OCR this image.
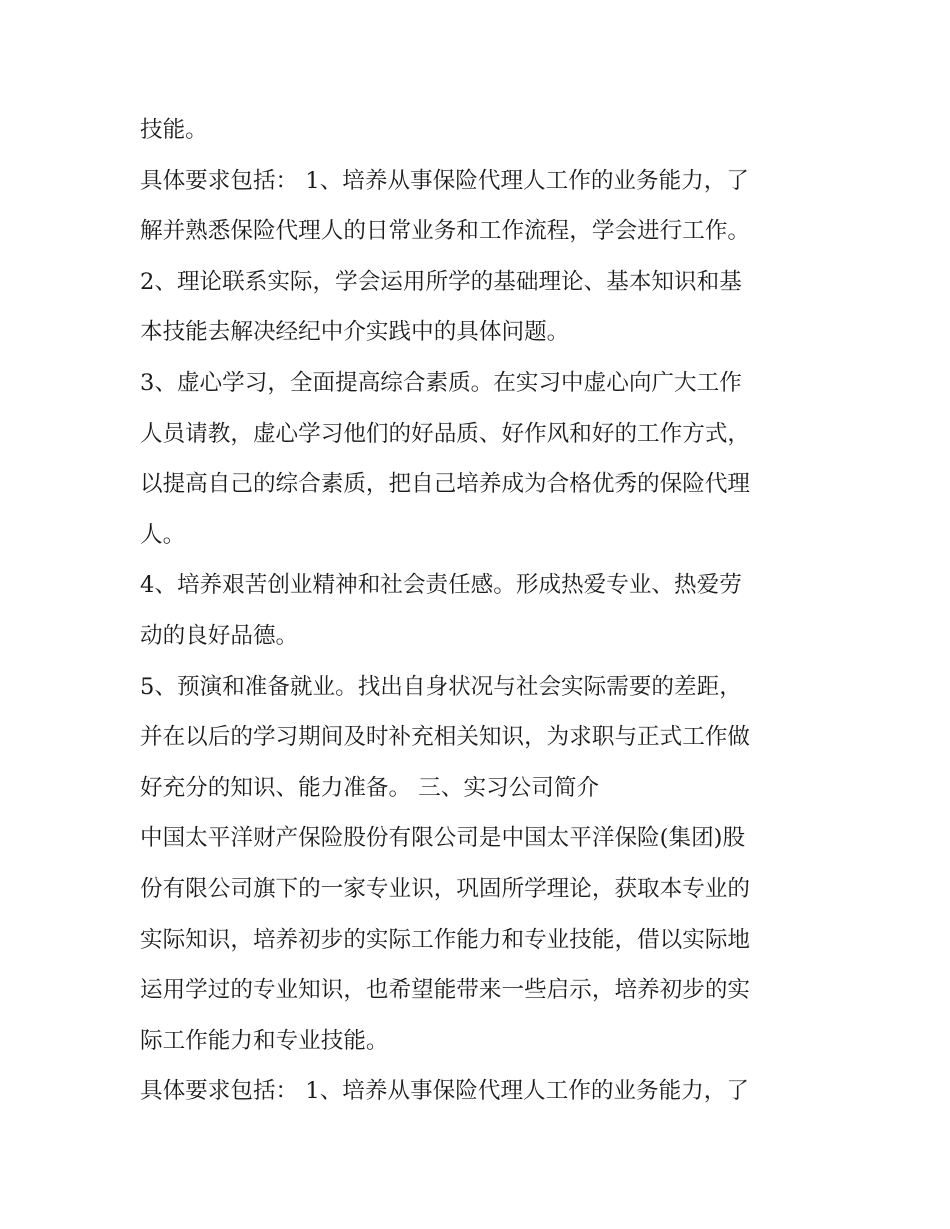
技能。
具体要求包括： 1、培养从事保险代理人工作的业务能力，了
解并熟悉保险代理人的日常业务和工作流程，学会进行工作。
2、理论联系实际，学会运用所学的基础理论、基本知识和基
本技能去解决经纪中介实践中的具体问题。
3、虚心学习，全面提高综合素质。在实习中虚心向广大工作
人员请教，虚心学习他们的好品质、好作风和好的工作方式，
以提高自己的综合素质，把自己培养成为合格优秀的保险代理
人。
4、培养艰苦创业精神和社会责任感。形成热爱专业、热爱劳
动的良好品德。
5、预演和准备就业。找出自身状况与社会实际需要的差距，
并在以后的学习期间及时补充相关知识，为求职与正式工作做
好充分的知识、能力准备。 三、实习公司简介
中国太平洋财产保险股份有限公司是中国太平洋保险(集团)股
份有限公司旗下的一家专业识，巩固所学理论，获取本专业的
实际知识，培养初步的实际工作能力和专业技能，借以实际地
运用学过的专业知识，也希望能带来一些启示，培养初步的实
际工作能力和专业技能。
具体要求包括： 1、培养从事保险代理人工作的业务能力，了
